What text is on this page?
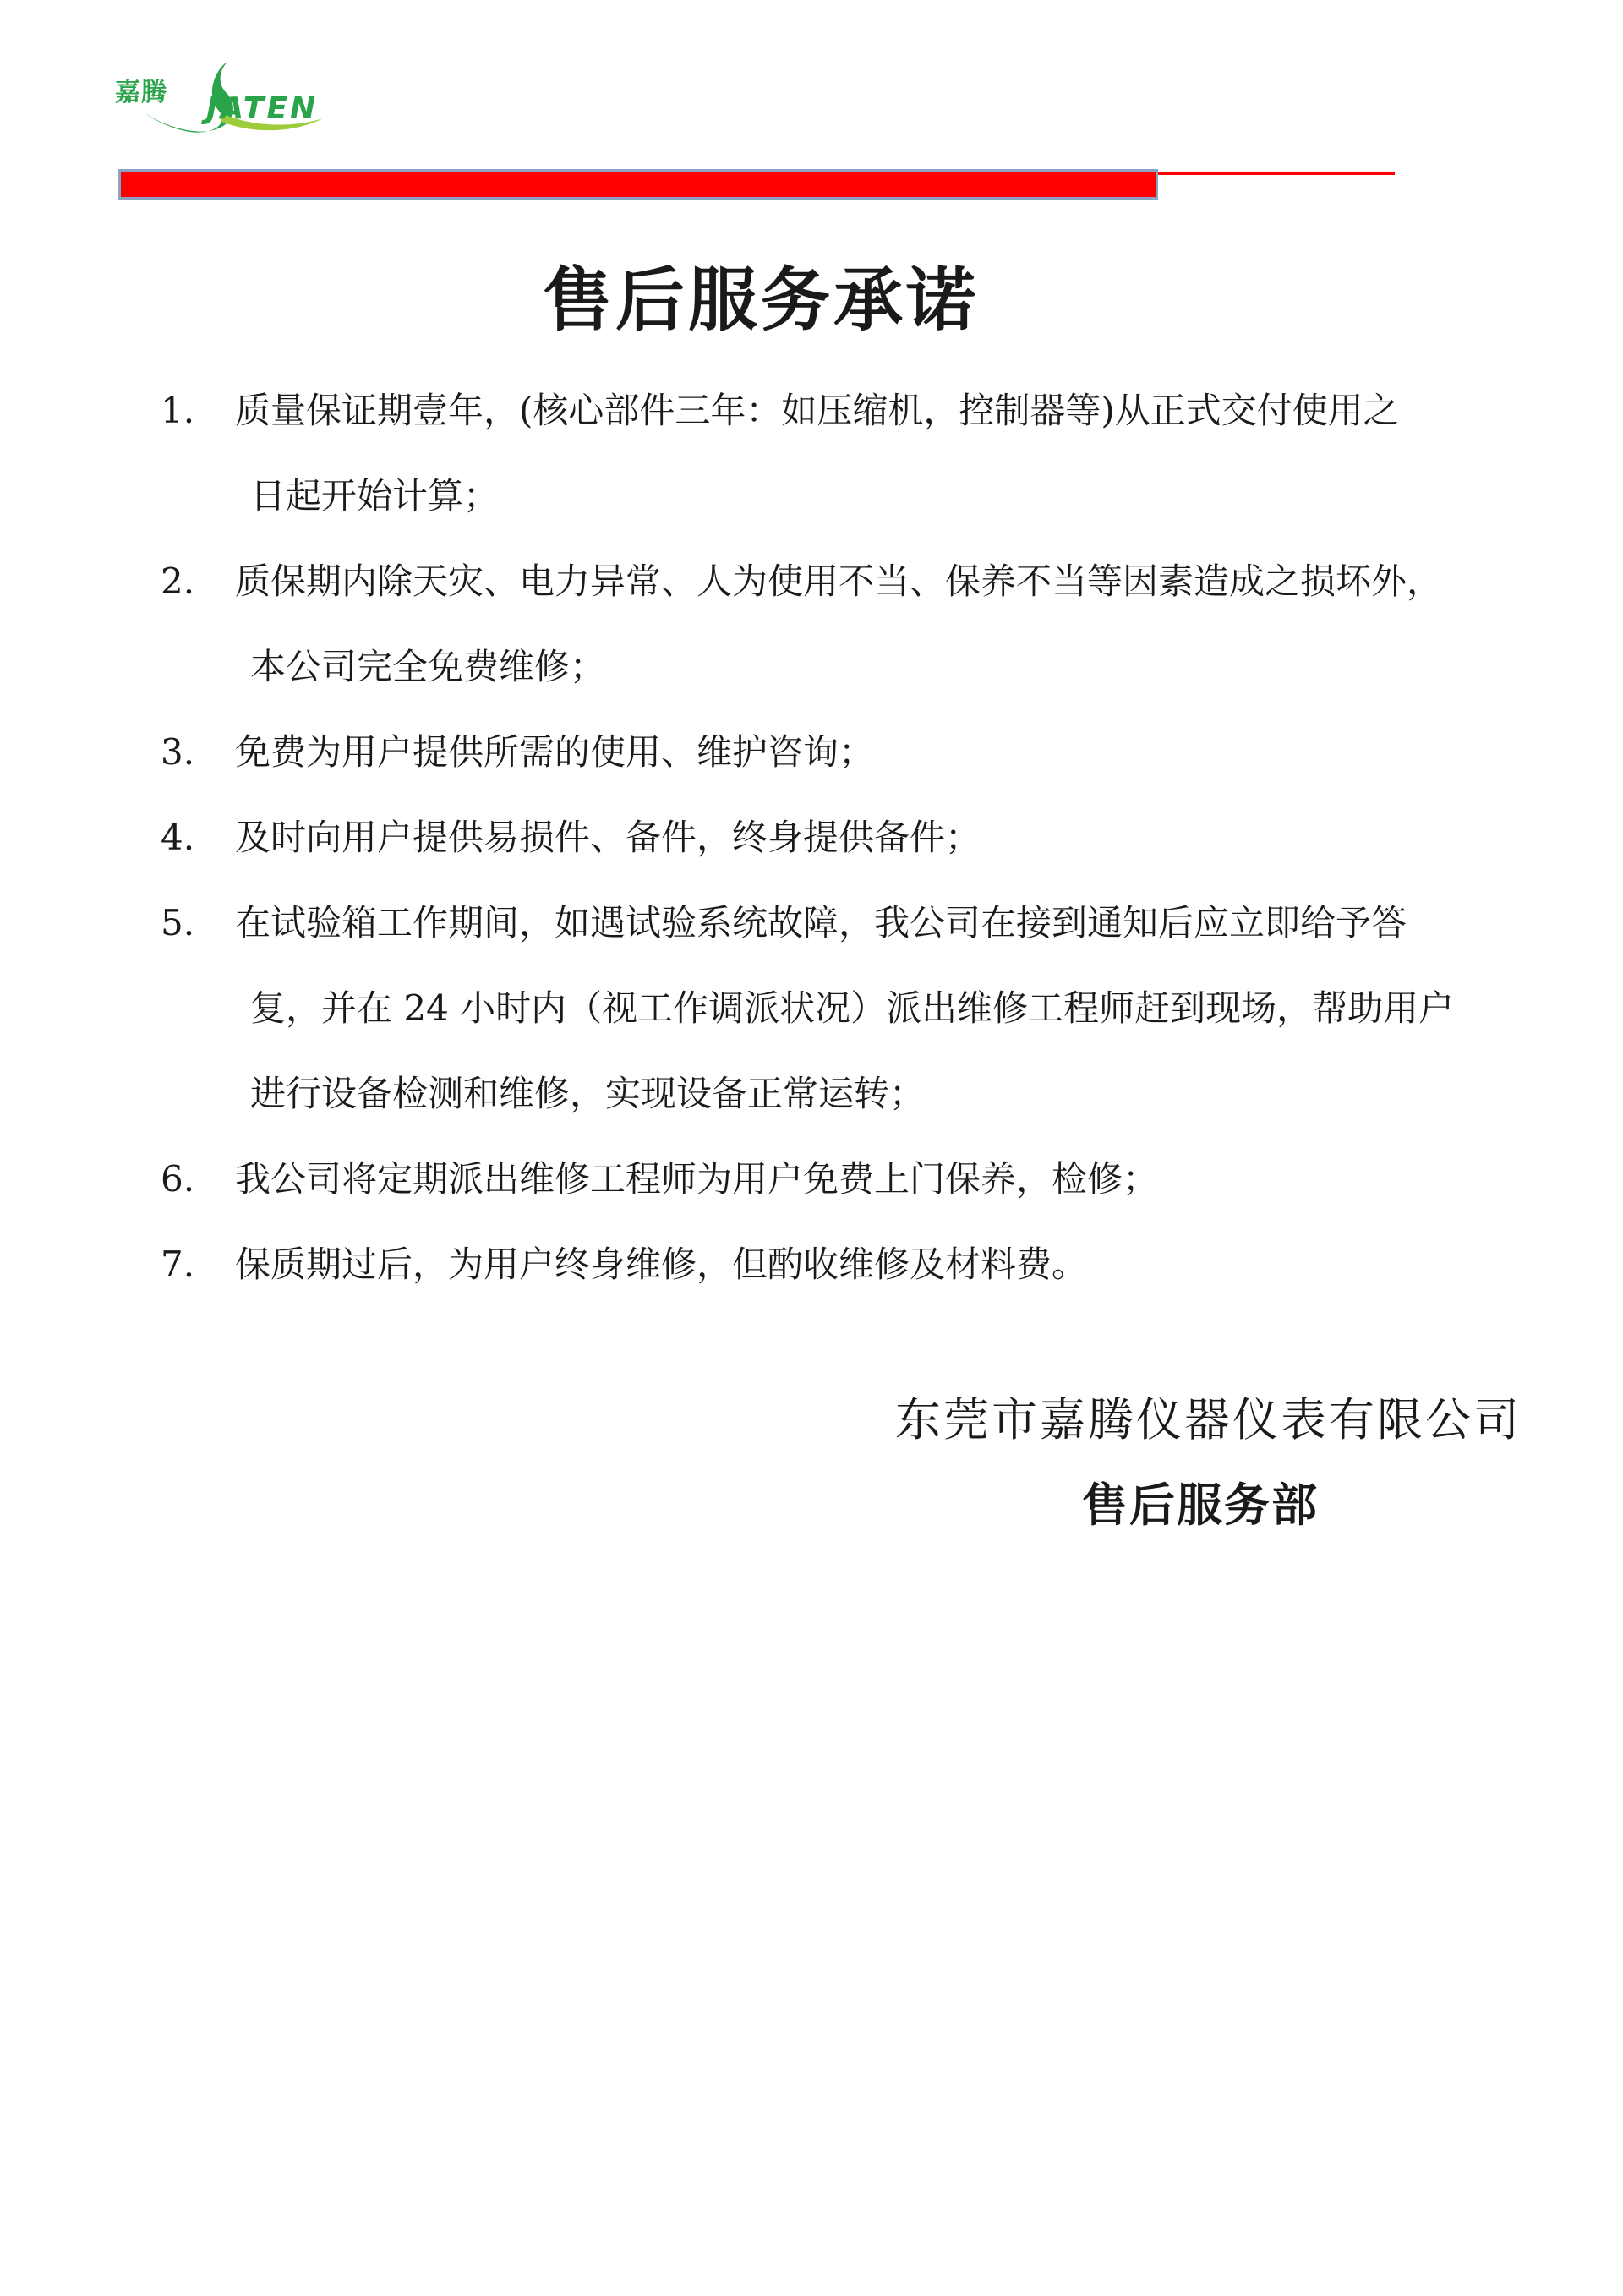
嘉腾 JATEN
售后服务承诺
1.	质量保证期壹年，(核心部件三年：如压缩机，控制器等)从正式交付使用之
日起开始计算；
2.	质保期内除天灾、电力异常、人为使用不当、保养不当等因素造成之损坏外，
本公司完全免费维修；
3.	免费为用户提供所需的使用、维护咨询；
4.	及时向用户提供易损件、备件，终身提供备件；
5.	在试验箱工作期间，如遇试验系统故障，我公司在接到通知后应立即给予答
复，并在 24 小时内（视工作调派状况）派出维修工程师赶到现场，帮助用户
进行设备检测和维修，实现设备正常运转；
6.	我公司将定期派出维修工程师为用户免费上门保养，检修；
7.	保质期过后，为用户终身维修，但酌收维修及材料费。
东莞市嘉腾仪器仪表有限公司
售后服务部
